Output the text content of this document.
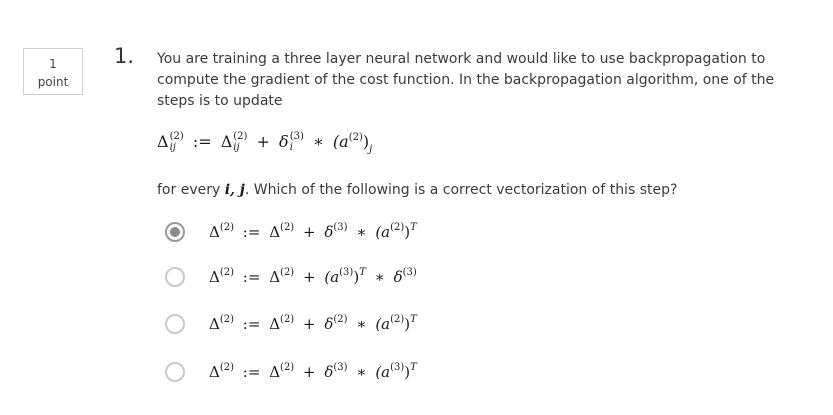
1
point
1. You are training a three layer neural network and would like to use backpropagation to compute the gradient of the cost function. In the backpropagation algorithm, one of the steps is to update
Δ (2)
ij	:= Δ (2)
ij	+ δ (3)
i	∗ $(a^{(2)})_j$
for every i, j. Which of the following is a correct vectorization of this step?
$\Delta^{(2)}$ := $\Delta^{(2)} + \delta^{(3)}$ ∗ $(a^{(2)})^T$
$\Delta^{(2)}$ := $\Delta^{(2)} + (a^{(3)})^T$ ∗ $\delta^{(3)}$
$\Delta^{(2)}$ := $\Delta^{(2)} + \delta^{(2)}$ ∗ $(a^{(2)})^T$
$\Delta^{(2)}$ := $\Delta^{(2)} + \delta^{(3)}$ ∗ $(a^{(3)})^T$
